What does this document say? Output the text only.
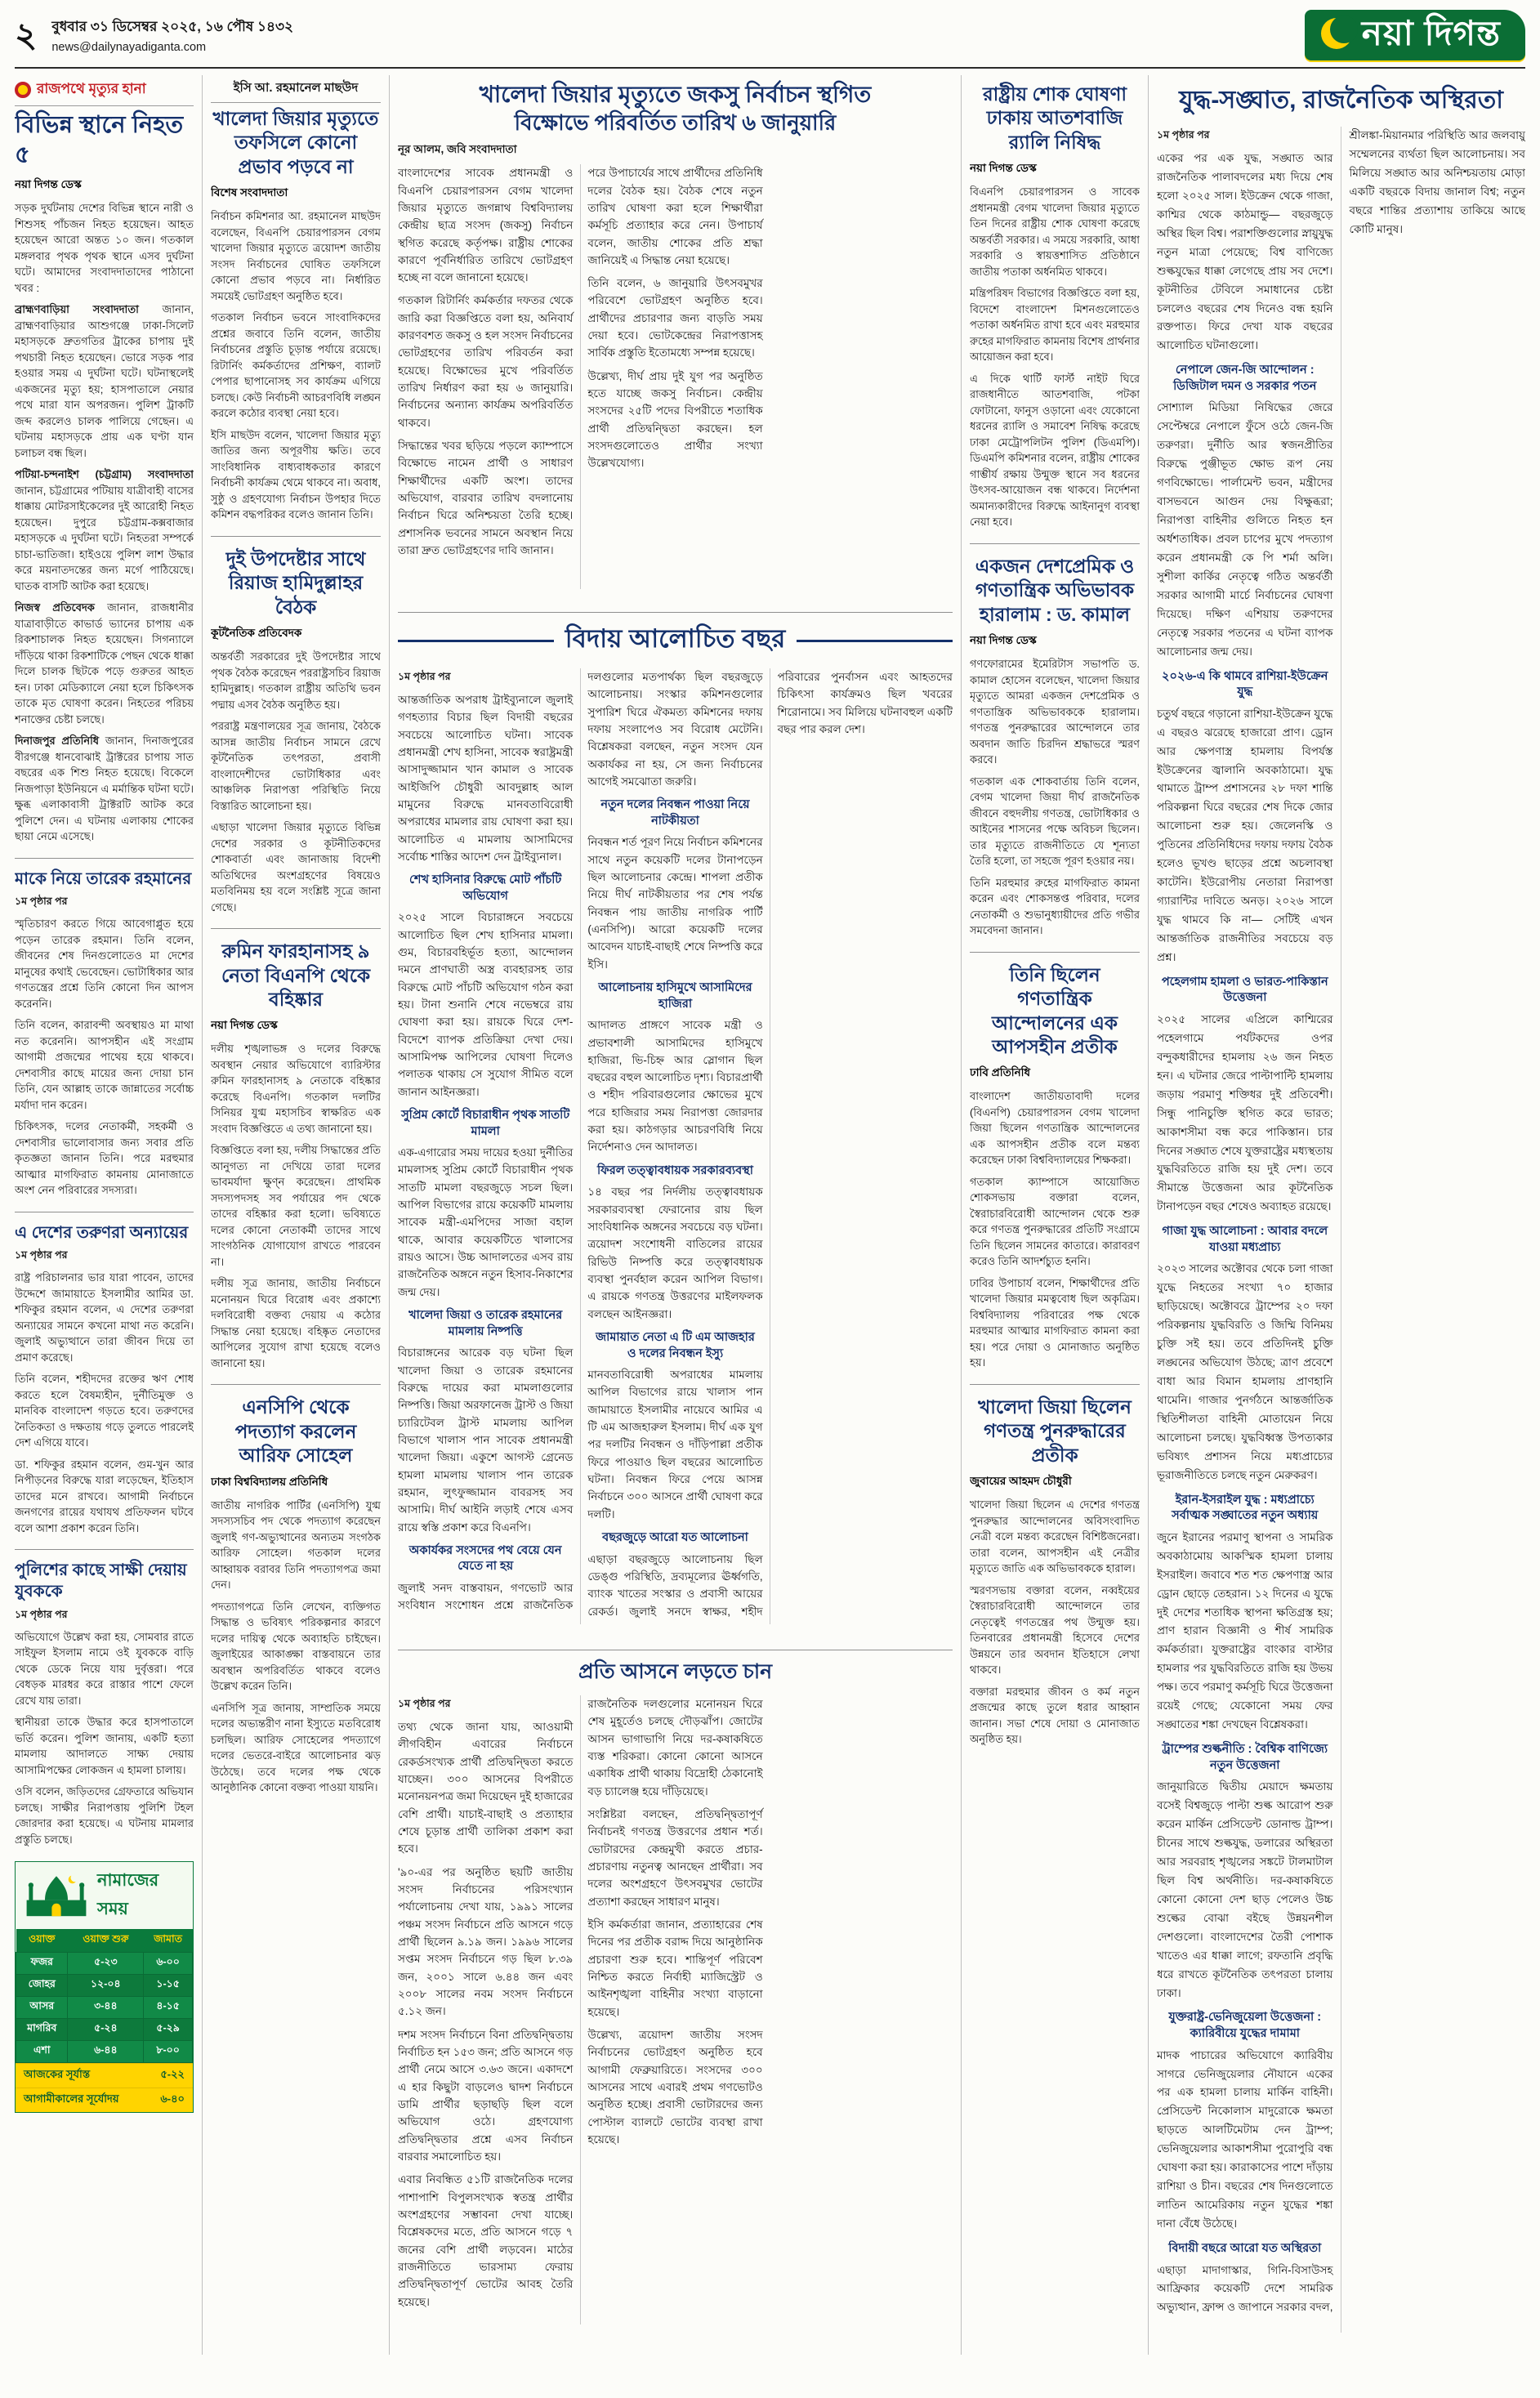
২ বুধবার ৩১ ডিসেম্বর ২০২৫, ১৬ পৌষ ১৪৩২
news@dailynayadiganta.com	নয়া দিগন্ত
রাজপথে মৃত্যুর হানা
বিভিন্ন স্থানে নিহত ৫
নয়া দিগন্ত ডেস্ক

সড়ক দুর্ঘটনায় দেশের বিভিন্ন স্থানে নারী ও শিশুসহ পাঁচজন নিহত হয়েছেন। আহত হয়েছেন আরো অন্তত ১০ জন। গতকাল মঙ্গলবার পৃথক পৃথক স্থানে এসব দুর্ঘটনা ঘটে। আমাদের সংবাদদাতাদের পাঠানো খবর :

ব্রাহ্মণবাড়িয়া সংবাদদাতা জানান, ব্রাহ্মণবাড়িয়ার আশুগঞ্জে ঢাকা-সিলেট মহাসড়কে দ্রুতগতির ট্রাকের চাপায় দুই পথচারী নিহত হয়েছেন। ভোরে সড়ক পার হওয়ার সময় এ দুর্ঘটনা ঘটে। ঘটনাস্থলেই একজনের মৃত্যু হয়; হাসপাতালে নেয়ার পথে মারা যান অপরজন। পুলিশ ট্রাকটি জব্দ করলেও চালক পালিয়ে গেছেন। এ ঘটনায় মহাসড়কে প্রায় এক ঘণ্টা যান চলাচল বন্ধ ছিল।

পটিয়া-চন্দনাইশ (চট্টগ্রাম) সংবাদদাতা জানান, চট্টগ্রামের পটিয়ায় যাত্রীবাহী বাসের ধাক্কায় মোটরসাইকেলের দুই আরোহী নিহত হয়েছেন। দুপুরে চট্টগ্রাম-কক্সবাজার মহাসড়কে এ দুর্ঘটনা ঘটে। নিহতরা সম্পর্কে চাচা-ভাতিজা। হাইওয়ে পুলিশ লাশ উদ্ধার করে ময়নাতদন্তের জন্য মর্গে পাঠিয়েছে। ঘাতক বাসটি আটক করা হয়েছে।

নিজস্ব প্রতিবেদক জানান, রাজধানীর যাত্রাবাড়ীতে কাভার্ড ভ্যানের চাপায় এক রিকশাচালক নিহত হয়েছেন। সিগন্যালে দাঁড়িয়ে থাকা রিকশাটিকে পেছন থেকে ধাক্কা দিলে চালক ছিটকে পড়ে গুরুতর আহত হন। ঢাকা মেডিক্যালে নেয়া হলে চিকিৎসক তাকে মৃত ঘোষণা করেন। নিহতের পরিচয় শনাক্তের চেষ্টা চলছে।

দিনাজপুর প্রতিনিধি জানান, দিনাজপুরের বীরগঞ্জে ধানবোঝাই ট্রাক্টরের চাপায় সাত বছরের এক শিশু নিহত হয়েছে। বিকেলে নিজপাড়া ইউনিয়নে এ মর্মান্তিক ঘটনা ঘটে। ক্ষুব্ধ এলাকাবাসী ট্রাক্টরটি আটক করে পুলিশে দেন। এ ঘটনায় এলাকায় শোকের ছায়া নেমে এসেছে।

মাকে নিয়ে তারেক রহমানের
১ম পৃষ্ঠার পর

স্মৃতিচারণ করতে গিয়ে আবেগাপ্লুত হয়ে পড়েন তারেক রহমান। তিনি বলেন, জীবনের শেষ দিনগুলোতেও মা দেশের মানুষের কথাই ভেবেছেন। ভোটাধিকার আর গণতন্ত্রের প্রশ্নে তিনি কোনো দিন আপস করেননি।

তিনি বলেন, কারাবন্দী অবস্থায়ও মা মাথা নত করেননি। আপসহীন এই সংগ্রাম আগামী প্রজন্মের পাথেয় হয়ে থাকবে। দেশবাসীর কাছে মায়ের জন্য দোয়া চান তিনি, যেন আল্লাহ তাকে জান্নাতের সর্বোচ্চ মর্যাদা দান করেন।

চিকিৎসক, দলের নেতাকর্মী, সহকর্মী ও দেশবাসীর ভালোবাসার জন্য সবার প্রতি কৃতজ্ঞতা জানান তিনি। পরে মরহুমার আত্মার মাগফিরাত কামনায় মোনাজাতে অংশ নেন পরিবারের সদস্যরা।

এ দেশের তরুণরা অন্যায়ের
১ম পৃষ্ঠার পর

রাষ্ট্র পরিচালনার ভার যারা পাবেন, তাদের উদ্দেশে জামায়াতে ইসলামীর আমির ডা. শফিকুর রহমান বলেন, এ দেশের তরুণরা অন্যায়ের সামনে কখনো মাথা নত করেনি। জুলাই অভ্যুত্থানে তারা জীবন দিয়ে তা প্রমাণ করেছে।

তিনি বলেন, শহীদদের রক্তের ঋণ শোধ করতে হলে বৈষম্যহীন, দুর্নীতিমুক্ত ও মানবিক বাংলাদেশ গড়তে হবে। তরুণদের নৈতিকতা ও দক্ষতায় গড়ে তুলতে পারলেই দেশ এগিয়ে যাবে।

ডা. শফিকুর রহমান বলেন, গুম-খুন আর নিপীড়নের বিরুদ্ধে যারা লড়েছেন, ইতিহাস তাদের মনে রাখবে। আগামী নির্বাচনে জনগণের রায়ের যথাযথ প্রতিফলন ঘটবে বলে আশা প্রকাশ করেন তিনি।

পুলিশের কাছে সাক্ষী দেয়ায় যুবককে
১ম পৃষ্ঠার পর

অভিযোগে উল্লেখ করা হয়, সোমবার রাতে সাইফুল ইসলাম নামে ওই যুবককে বাড়ি থেকে ডেকে নিয়ে যায় দুর্বৃত্তরা। পরে বেধড়ক মারধর করে রাস্তার পাশে ফেলে রেখে যায় তারা।

স্থানীয়রা তাকে উদ্ধার করে হাসপাতালে ভর্তি করেন। পুলিশ জানায়, একটি হত্যা মামলায় আদালতে সাক্ষ্য দেয়ায় আসামিপক্ষের লোকজন এ হামলা চালায়।

ওসি বলেন, জড়িতদের গ্রেফতারে অভিযান চলছে। সাক্ষীর নিরাপত্তায় পুলিশি টহল জোরদার করা হয়েছে। এ ঘটনায় মামলার প্রস্তুতি চলছে।

নামাজের সময়
ওয়াক্ত	ওয়াক্ত শুরু	জামাত
ফজর	৫-২৩	৬-০০
জোহর	১২-০৪	১-১৫
আসর	৩-৪৪	৪-১৫
মাগরিব	৫-২৪	৫-২৯
এশা	৬-৪৪	৮-০০
আজকের সূর্যাস্ত	৫-২২
আগামীকালের সূর্যোদয়	৬-৪০
ইসি আ. রহমানেল মাছউদ
খালেদা জিয়ার মৃত্যুতে তফসিলে কোনো প্রভাব পড়বে না
বিশেষ সংবাদদাতা

নির্বাচন কমিশনার আ. রহমানেল মাছউদ বলেছেন, বিএনপি চেয়ারপারসন বেগম খালেদা জিয়ার মৃত্যুতে ত্রয়োদশ জাতীয় সংসদ নির্বাচনের ঘোষিত তফসিলে কোনো প্রভাব পড়বে না। নির্ধারিত সময়েই ভোটগ্রহণ অনুষ্ঠিত হবে।

গতকাল নির্বাচন ভবনে সাংবাদিকদের প্রশ্নের জবাবে তিনি বলেন, জাতীয় নির্বাচনের প্রস্তুতি চূড়ান্ত পর্যায়ে রয়েছে। রিটার্নিং কর্মকর্তাদের প্রশিক্ষণ, ব্যালট পেপার ছাপানোসহ সব কার্যক্রম এগিয়ে চলছে। কেউ নির্বাচনী আচরণবিধি লঙ্ঘন করলে কঠোর ব্যবস্থা নেয়া হবে।

ইসি মাছউদ বলেন, খালেদা জিয়ার মৃত্যু জাতির জন্য অপূরণীয় ক্ষতি। তবে সাংবিধানিক বাধ্যবাধকতার কারণে নির্বাচনী কার্যক্রম থেমে থাকবে না। অবাধ, সুষ্ঠু ও গ্রহণযোগ্য নির্বাচন উপহার দিতে কমিশন বদ্ধপরিকর বলেও জানান তিনি।

দুই উপদেষ্টার সাথে রিয়াজ হামিদুল্লাহর বৈঠক
কূটনৈতিক প্রতিবেদক

অন্তর্বর্তী সরকারের দুই উপদেষ্টার সাথে পৃথক বৈঠক করেছেন পররাষ্ট্রসচিব রিয়াজ হামিদুল্লাহ। গতকাল রাষ্ট্রীয় অতিথি ভবন পদ্মায় এসব বৈঠক অনুষ্ঠিত হয়।

পররাষ্ট্র মন্ত্রণালয়ের সূত্র জানায়, বৈঠকে আসন্ন জাতীয় নির্বাচন সামনে রেখে কূটনৈতিক তৎপরতা, প্রবাসী বাংলাদেশীদের ভোটাধিকার এবং আঞ্চলিক নিরাপত্তা পরিস্থিতি নিয়ে বিস্তারিত আলোচনা হয়।

এছাড়া খালেদা জিয়ার মৃত্যুতে বিভিন্ন দেশের সরকার ও কূটনীতিকদের শোকবার্তা এবং জানাজায় বিদেশী অতিথিদের অংশগ্রহণের বিষয়েও মতবিনিময় হয় বলে সংশ্লিষ্ট সূত্রে জানা গেছে।

রুমিন ফারহানাসহ ৯ নেতা বিএনপি থেকে বহিষ্কার
নয়া দিগন্ত ডেস্ক

দলীয় শৃঙ্খলাভঙ্গ ও দলের বিরুদ্ধে অবস্থান নেয়ার অভিযোগে ব্যারিস্টার রুমিন ফারহানাসহ ৯ নেতাকে বহিষ্কার করেছে বিএনপি। গতকাল দলটির সিনিয়র যুগ্ম মহাসচিব স্বাক্ষরিত এক সংবাদ বিজ্ঞপ্তিতে এ তথ্য জানানো হয়।

বিজ্ঞপ্তিতে বলা হয়, দলীয় সিদ্ধান্তের প্রতি আনুগত্য না দেখিয়ে তারা দলের ভাবমর্যাদা ক্ষুণ্ন করেছেন। প্রাথমিক সদস্যপদসহ সব পর্যায়ের পদ থেকে তাদের বহিষ্কার করা হলো। ভবিষ্যতে দলের কোনো নেতাকর্মী তাদের সাথে সাংগঠনিক যোগাযোগ রাখতে পারবেন না।

দলীয় সূত্র জানায়, জাতীয় নির্বাচনে মনোনয়ন ঘিরে বিরোধ এবং প্রকাশ্যে দলবিরোধী বক্তব্য দেয়ায় এ কঠোর সিদ্ধান্ত নেয়া হয়েছে। বহিষ্কৃত নেতাদের আপিলের সুযোগ রাখা হয়েছে বলেও জানানো হয়।

এনসিপি থেকে পদত্যাগ করলেন আরিফ সোহেল
ঢাকা বিশ্ববিদ্যালয় প্রতিনিধি

জাতীয় নাগরিক পার্টির (এনসিপি) যুগ্ম সদস্যসচিব পদ থেকে পদত্যাগ করেছেন জুলাই গণ-অভ্যুত্থানের অন্যতম সংগঠক আরিফ সোহেল। গতকাল দলের আহ্বায়ক বরাবর তিনি পদত্যাগপত্র জমা দেন।

পদত্যাগপত্রে তিনি লেখেন, ব্যক্তিগত সিদ্ধান্ত ও ভবিষ্যৎ পরিকল্পনার কারণে দলের দায়িত্ব থেকে অব্যাহতি চাইছেন। জুলাইয়ের আকাঙ্ক্ষা বাস্তবায়নে তার অবস্থান অপরিবর্তিত থাকবে বলেও উল্লেখ করেন তিনি।

এনসিপি সূত্র জানায়, সাম্প্রতিক সময়ে দলের অভ্যন্তরীণ নানা ইস্যুতে মতবিরোধ চলছিল। আরিফ সোহেলের পদত্যাগে দলের ভেতরে-বাইরে আলোচনার ঝড় উঠেছে। তবে দলের পক্ষ থেকে আনুষ্ঠানিক কোনো বক্তব্য পাওয়া যায়নি।

খালেদা জিয়ার মৃত্যুতে জকসু নির্বাচন স্থগিত
বিক্ষোভে পরিবর্তিত তারিখ ৬ জানুয়ারি
নূর আলম, জবি সংবাদদাতা

বাংলাদেশের সাবেক প্রধানমন্ত্রী ও বিএনপি চেয়ারপারসন বেগম খালেদা জিয়ার মৃত্যুতে জগন্নাথ বিশ্ববিদ্যালয় কেন্দ্রীয় ছাত্র সংসদ (জকসু) নির্বাচন স্থগিত করেছে কর্তৃপক্ষ। রাষ্ট্রীয় শোকের কারণে পূর্বনির্ধারিত তারিখে ভোটগ্রহণ হচ্ছে না বলে জানানো হয়েছে।

গতকাল রিটার্নিং কর্মকর্তার দফতর থেকে জারি করা বিজ্ঞপ্তিতে বলা হয়, অনিবার্য কারণবশত জকসু ও হল সংসদ নির্বাচনের ভোটগ্রহণের তারিখ পরিবর্তন করা হয়েছে। বিক্ষোভের মুখে পরিবর্তিত তারিখ নির্ধারণ করা হয় ৬ জানুয়ারি। নির্বাচনের অন্যান্য কার্যক্রম অপরিবর্তিত থাকবে।

সিদ্ধান্তের খবর ছড়িয়ে পড়লে ক্যাম্পাসে বিক্ষোভে নামেন প্রার্থী ও সাধারণ শিক্ষার্থীদের একটি অংশ। তাদের অভিযোগ, বারবার তারিখ বদলানোয় নির্বাচন ঘিরে অনিশ্চয়তা তৈরি হচ্ছে। প্রশাসনিক ভবনের সামনে অবস্থান নিয়ে তারা দ্রুত ভোটগ্রহণের দাবি জানান।

পরে উপাচার্যের সাথে প্রার্থীদের প্রতিনিধি দলের বৈঠক হয়। বৈঠক শেষে নতুন তারিখ ঘোষণা করা হলে শিক্ষার্থীরা কর্মসূচি প্রত্যাহার করে নেন। উপাচার্য বলেন, জাতীয় শোকের প্রতি শ্রদ্ধা জানিয়েই এ সিদ্ধান্ত নেয়া হয়েছে।

তিনি বলেন, ৬ জানুয়ারি উৎসবমুখর পরিবেশে ভোটগ্রহণ অনুষ্ঠিত হবে। প্রার্থীদের প্রচারণার জন্য বাড়তি সময় দেয়া হবে। ভোটকেন্দ্রের নিরাপত্তাসহ সার্বিক প্রস্তুতি ইতোমধ্যে সম্পন্ন হয়েছে।

উল্লেখ্য, দীর্ঘ প্রায় দুই যুগ পর অনুষ্ঠিত হতে যাচ্ছে জকসু নির্বাচন। কেন্দ্রীয় সংসদের ২৫টি পদের বিপরীতে শতাধিক প্রার্থী প্রতিদ্বন্দ্বিতা করছেন। হল সংসদগুলোতেও প্রার্থীর সংখ্যা উল্লেখযোগ্য।

বিদায় আলোচিত বছর
১ম পৃষ্ঠার পর

আন্তর্জাতিক অপরাধ ট্রাইব্যুনালে জুলাই গণহত্যার বিচার ছিল বিদায়ী বছরের সবচেয়ে আলোচিত ঘটনা। সাবেক প্রধানমন্ত্রী শেখ হাসিনা, সাবেক স্বরাষ্ট্রমন্ত্রী আসাদুজ্জামান খান কামাল ও সাবেক আইজিপি চৌধুরী আবদুল্লাহ আল মামুনের বিরুদ্ধে মানবতাবিরোধী অপরাধের মামলার রায় ঘোষণা করা হয়। আলোচিত এ মামলায় আসামিদের সর্বোচ্চ শাস্তির আদেশ দেন ট্রাইব্যুনাল।

শেখ হাসিনার বিরুদ্ধে মোট পাঁচটি অভিযোগ

২০২৫ সালে বিচারাঙ্গনে সবচেয়ে আলোচিত ছিল শেখ হাসিনার মামলা। গুম, বিচারবহির্ভূত হত্যা, আন্দোলন দমনে প্রাণঘাতী অস্ত্র ব্যবহারসহ তার বিরুদ্ধে মোট পাঁচটি অভিযোগ গঠন করা হয়। টানা শুনানি শেষে নভেম্বরে রায় ঘোষণা করা হয়। রায়কে ঘিরে দেশ-বিদেশে ব্যাপক প্রতিক্রিয়া দেখা দেয়। আসামিপক্ষ আপিলের ঘোষণা দিলেও পলাতক থাকায় সে সুযোগ সীমিত বলে জানান আইনজ্ঞরা।

সুপ্রিম কোর্টে বিচারাধীন পৃথক সাতটি মামলা

এক-এগারোর সময় দায়ের হওয়া দুর্নীতির মামলাসহ সুপ্রিম কোর্টে বিচারাধীন পৃথক সাতটি মামলা বছরজুড়ে সচল ছিল। আপিল বিভাগের রায়ে কয়েকটি মামলায় সাবেক মন্ত্রী-এমপিদের সাজা বহাল থাকে, আবার কয়েকটিতে খালাসের রায়ও আসে। উচ্চ আদালতের এসব রায় রাজনৈতিক অঙ্গনে নতুন হিসাব-নিকাশের জন্ম দেয়।

খালেদা জিয়া ও তারেক রহমানের মামলায় নিষ্পত্তি

বিচারাঙ্গনের আরেক বড় ঘটনা ছিল খালেদা জিয়া ও তারেক রহমানের বিরুদ্ধে দায়ের করা মামলাগুলোর নিষ্পত্তি। জিয়া অরফানেজ ট্রাস্ট ও জিয়া চ্যারিটেবল ট্রাস্ট মামলায় আপিল বিভাগে খালাস পান সাবেক প্রধানমন্ত্রী খালেদা জিয়া। একুশে আগস্ট গ্রেনেড হামলা মামলায় খালাস পান তারেক রহমান, লুৎফুজ্জামান বাবরসহ সব আসামি। দীর্ঘ আইনি লড়াই শেষে এসব রায়ে স্বস্তি প্রকাশ করে বিএনপি।

অকার্যকর সংসদের পথ বেয়ে যেন যেতে না হয়

জুলাই সনদ বাস্তবায়ন, গণভোট আর সংবিধান সংশোধন প্রশ্নে রাজনৈতিক দলগুলোর মতপার্থক্য ছিল বছরজুড়ে আলোচনায়। সংস্কার কমিশনগুলোর সুপারিশ ঘিরে ঐকমত্য কমিশনের দফায় দফায় সংলাপেও সব বিরোধ মেটেনি। বিশ্লেষকরা বলছেন, নতুন সংসদ যেন অকার্যকর না হয়, সে জন্য নির্বাচনের আগেই সমঝোতা জরুরি।

নতুন দলের নিবন্ধন পাওয়া নিয়ে নাটকীয়তা

নিবন্ধন শর্ত পূরণ নিয়ে নির্বাচন কমিশনের সাথে নতুন কয়েকটি দলের টানাপড়েন ছিল আলোচনার কেন্দ্রে। শাপলা প্রতীক নিয়ে দীর্ঘ নাটকীয়তার পর শেষ পর্যন্ত নিবন্ধন পায় জাতীয় নাগরিক পার্টি (এনসিপি)। আরো কয়েকটি দলের আবেদন যাচাই-বাছাই শেষে নিষ্পত্তি করে ইসি।

আলোচনায় হাসিমুখে আসামিদের হাজিরা

আদালত প্রাঙ্গণে সাবেক মন্ত্রী ও প্রভাবশালী আসামিদের হাসিমুখে হাজিরা, ভি-চিহ্ন আর স্লোগান ছিল বছরের বহুল আলোচিত দৃশ্য। বিচারপ্রার্থী ও শহীদ পরিবারগুলোর ক্ষোভের মুখে পরে হাজিরার সময় নিরাপত্তা জোরদার করা হয়। কাঠগড়ার আচরণবিধি নিয়ে নির্দেশনাও দেন আদালত।

ফিরল তত্ত্বাবধায়ক সরকারব্যবস্থা

১৪ বছর পর নির্দলীয় তত্ত্বাবধায়ক সরকারব্যবস্থা ফেরানোর রায় ছিল সাংবিধানিক অঙ্গনের সবচেয়ে বড় ঘটনা। ত্রয়োদশ সংশোধনী বাতিলের রায়ের রিভিউ নিষ্পত্তি করে তত্ত্বাবধায়ক ব্যবস্থা পুনর্বহাল করেন আপিল বিভাগ। এ রায়কে গণতন্ত্র উত্তরণের মাইলফলক বলছেন আইনজ্ঞরা।

জামায়াত নেতা এ টি এম আজহার ও দলের নিবন্ধন ইস্যু

মানবতাবিরোধী অপরাধের মামলায় আপিল বিভাগের রায়ে খালাস পান জামায়াতে ইসলামীর নায়েবে আমির এ টি এম আজহারুল ইসলাম। দীর্ঘ এক যুগ পর দলটির নিবন্ধন ও দাঁড়িপাল্লা প্রতীক ফিরে পাওয়াও ছিল বছরের আলোচিত ঘটনা। নিবন্ধন ফিরে পেয়ে আসন্ন নির্বাচনে ৩০০ আসনে প্রার্থী ঘোষণা করে দলটি।

বছরজুড়ে আরো যত আলোচনা

এছাড়া বছরজুড়ে আলোচনায় ছিল ডেঙ্গু পরিস্থিতি, দ্রব্যমূল্যের ঊর্ধ্বগতি, ব্যাংক খাতের সংস্কার ও প্রবাসী আয়ের রেকর্ড। জুলাই সনদে স্বাক্ষর, শহীদ পরিবারের পুনর্বাসন এবং আহতদের চিকিৎসা কার্যক্রমও ছিল খবরের শিরোনামে। সব মিলিয়ে ঘটনাবহুল একটি বছর পার করল দেশ।

প্রতি আসনে লড়তে চান
১ম পৃষ্ঠার পর

তথ্য থেকে জানা যায়, আওয়ামী লীগবিহীন এবারের নির্বাচনে রেকর্ডসংখ্যক প্রার্থী প্রতিদ্বন্দ্বিতা করতে যাচ্ছেন। ৩০০ আসনের বিপরীতে মনোনয়নপত্র জমা দিয়েছেন দুই হাজারের বেশি প্রার্থী। যাচাই-বাছাই ও প্রত্যাহার শেষে চূড়ান্ত প্রার্থী তালিকা প্রকাশ করা হবে।

'৯০-এর পর অনুষ্ঠিত ছয়টি জাতীয় সংসদ নির্বাচনের পরিসংখ্যান পর্যালোচনায় দেখা যায়, ১৯৯১ সালের পঞ্চম সংসদ নির্বাচনে প্রতি আসনে গড়ে প্রার্থী ছিলেন ৯.১৯ জন। ১৯৯৬ সালের সপ্তম সংসদ নির্বাচনে গড় ছিল ৮.৩৯ জন, ২০০১ সালে ৬.৪৪ জন এবং ২০০৮ সালের নবম সংসদ নির্বাচনে ৫.১২ জন।

দশম সংসদ নির্বাচনে বিনা প্রতিদ্বন্দ্বিতায় নির্বাচিত হন ১৫৩ জন; প্রতি আসনে গড় প্রার্থী নেমে আসে ৩.৬৩ জনে। একাদশে এ হার কিছুটা বাড়লেও দ্বাদশ নির্বাচনে ডামি প্রার্থীর ছড়াছড়ি ছিল বলে অভিযোগ ওঠে। গ্রহণযোগ্য প্রতিদ্বন্দ্বিতার প্রশ্নে এসব নির্বাচন বারবার সমালোচিত হয়।

এবার নিবন্ধিত ৫১টি রাজনৈতিক দলের পাশাপাশি বিপুলসংখ্যক স্বতন্ত্র প্রার্থীর অংশগ্রহণের সম্ভাবনা দেখা যাচ্ছে। বিশ্লেষকদের মতে, প্রতি আসনে গড়ে ৭ জনের বেশি প্রার্থী লড়বেন। মাঠের রাজনীতিতে ভারসাম্য ফেরায় প্রতিদ্বন্দ্বিতাপূর্ণ ভোটের আবহ তৈরি হয়েছে।

রাজনৈতিক দলগুলোর মনোনয়ন ঘিরে শেষ মুহূর্তেও চলছে দৌড়ঝাঁপ। জোটের আসন ভাগাভাগি নিয়ে দর-কষাকষিতে ব্যস্ত শরিকরা। কোনো কোনো আসনে একাধিক প্রার্থী থাকায় বিদ্রোহী ঠেকানোই বড় চ্যালেঞ্জ হয়ে দাঁড়িয়েছে।

সংশ্লিষ্টরা বলছেন, প্রতিদ্বন্দ্বিতাপূর্ণ নির্বাচনই গণতন্ত্র উত্তরণের প্রধান শর্ত। ভোটারদের কেন্দ্রমুখী করতে প্রচার-প্রচারণায় নতুনত্ব আনছেন প্রার্থীরা। সব দলের অংশগ্রহণে উৎসবমুখর ভোটের প্রত্যাশা করছেন সাধারণ মানুষ।

ইসি কর্মকর্তারা জানান, প্রত্যাহারের শেষ দিনের পর প্রতীক বরাদ্দ দিয়ে আনুষ্ঠানিক প্রচারণা শুরু হবে। শান্তিপূর্ণ পরিবেশ নিশ্চিত করতে নির্বাহী ম্যাজিস্ট্রেট ও আইনশৃঙ্খলা বাহিনীর সংখ্যা বাড়ানো হয়েছে।

উল্লেখ্য, ত্রয়োদশ জাতীয় সংসদ নির্বাচনের ভোটগ্রহণ অনুষ্ঠিত হবে আগামী ফেব্রুয়ারিতে। সংসদের ৩০০ আসনের সাথে এবারই প্রথম গণভোটও অনুষ্ঠিত হচ্ছে। প্রবাসী ভোটারদের জন্য পোস্টাল ব্যালটে ভোটের ব্যবস্থা রাখা হয়েছে।

রাষ্ট্রীয় শোক ঘোষণা ঢাকায় আতশবাজি র‌্যালি নিষিদ্ধ
নয়া দিগন্ত ডেস্ক

বিএনপি চেয়ারপারসন ও সাবেক প্রধানমন্ত্রী বেগম খালেদা জিয়ার মৃত্যুতে তিন দিনের রাষ্ট্রীয় শোক ঘোষণা করেছে অন্তর্বর্তী সরকার। এ সময়ে সরকারি, আধা সরকারি ও স্বায়ত্তশাসিত প্রতিষ্ঠানে জাতীয় পতাকা অর্ধনমিত থাকবে।

মন্ত্রিপরিষদ বিভাগের বিজ্ঞপ্তিতে বলা হয়, বিদেশে বাংলাদেশ মিশনগুলোতেও পতাকা অর্ধনমিত রাখা হবে এবং মরহুমার রুহের মাগফিরাত কামনায় বিশেষ প্রার্থনার আয়োজন করা হবে।

এ দিকে থার্টি ফার্স্ট নাইট ঘিরে রাজধানীতে আতশবাজি, পটকা ফোটানো, ফানুস ওড়ানো এবং যেকোনো ধরনের র‌্যালি ও সমাবেশ নিষিদ্ধ করেছে ঢাকা মেট্রোপলিটন পুলিশ (ডিএমপি)। ডিএমপি কমিশনার বলেন, রাষ্ট্রীয় শোকের গাম্ভীর্য রক্ষায় উন্মুক্ত স্থানে সব ধরনের উৎসব-আয়োজন বন্ধ থাকবে। নির্দেশনা অমান্যকারীদের বিরুদ্ধে আইনানুগ ব্যবস্থা নেয়া হবে।

একজন দেশপ্রেমিক ও গণতান্ত্রিক অভিভাবক হারালাম : ড. কামাল
নয়া দিগন্ত ডেস্ক

গণফোরামের ইমেরিটাস সভাপতি ড. কামাল হোসেন বলেছেন, খালেদা জিয়ার মৃত্যুতে আমরা একজন দেশপ্রেমিক ও গণতান্ত্রিক অভিভাবককে হারালাম। গণতন্ত্র পুনরুদ্ধারের আন্দোলনে তার অবদান জাতি চিরদিন শ্রদ্ধাভরে স্মরণ করবে।

গতকাল এক শোকবার্তায় তিনি বলেন, বেগম খালেদা জিয়া দীর্ঘ রাজনৈতিক জীবনে বহুদলীয় গণতন্ত্র, ভোটাধিকার ও আইনের শাসনের পক্ষে অবিচল ছিলেন। তার মৃত্যুতে রাজনীতিতে যে শূন্যতা তৈরি হলো, তা সহজে পূরণ হওয়ার নয়।

তিনি মরহুমার রুহের মাগফিরাত কামনা করেন এবং শোকসন্তপ্ত পরিবার, দলের নেতাকর্মী ও শুভানুধ্যায়ীদের প্রতি গভীর সমবেদনা জানান।

তিনি ছিলেন গণতান্ত্রিক আন্দোলনের এক আপসহীন প্রতীক
ঢাবি প্রতিনিধি

বাংলাদেশ জাতীয়তাবাদী দলের (বিএনপি) চেয়ারপারসন বেগম খালেদা জিয়া ছিলেন গণতান্ত্রিক আন্দোলনের এক আপসহীন প্রতীক বলে মন্তব্য করেছেন ঢাকা বিশ্ববিদ্যালয়ের শিক্ষকরা।

গতকাল ক্যাম্পাসে আয়োজিত শোকসভায় বক্তারা বলেন, স্বৈরাচারবিরোধী আন্দোলন থেকে শুরু করে গণতন্ত্র পুনরুদ্ধারের প্রতিটি সংগ্রামে তিনি ছিলেন সামনের কাতারে। কারাবরণ করেও তিনি আদর্শচ্যুত হননি।

ঢাবির উপাচার্য বলেন, শিক্ষার্থীদের প্রতি খালেদা জিয়ার মমত্ববোধ ছিল অকৃত্রিম। বিশ্ববিদ্যালয় পরিবারের পক্ষ থেকে মরহুমার আত্মার মাগফিরাত কামনা করা হয়। পরে দোয়া ও মোনাজাত অনুষ্ঠিত হয়।

খালেদা জিয়া ছিলেন গণতন্ত্র পুনরুদ্ধারের প্রতীক
জুবায়ের আহমদ চৌধুরী

খালেদা জিয়া ছিলেন এ দেশের গণতন্ত্র পুনরুদ্ধার আন্দোলনের অবিসংবাদিত নেত্রী বলে মন্তব্য করেছেন বিশিষ্টজনেরা। তারা বলেন, আপসহীন এই নেত্রীর মৃত্যুতে জাতি এক অভিভাবককে হারাল।

স্মরণসভায় বক্তারা বলেন, নব্বইয়ের স্বৈরাচারবিরোধী আন্দোলনে তার নেতৃত্বেই গণতন্ত্রের পথ উন্মুক্ত হয়। তিনবারের প্রধানমন্ত্রী হিসেবে দেশের উন্নয়নে তার অবদান ইতিহাসে লেখা থাকবে।

বক্তারা মরহুমার জীবন ও কর্ম নতুন প্রজন্মের কাছে তুলে ধরার আহ্বান জানান। সভা শেষে দোয়া ও মোনাজাত অনুষ্ঠিত হয়।

যুদ্ধ-সঙ্ঘাত, রাজনৈতিক অস্থিরতা
১ম পৃষ্ঠার পর

একের পর এক যুদ্ধ, সঙ্ঘাত আর রাজনৈতিক পালাবদলের মধ্য দিয়ে শেষ হলো ২০২৫ সাল। ইউক্রেন থেকে গাজা, কাশ্মির থেকে কাঠমান্ডু— বছরজুড়ে অস্থির ছিল বিশ্ব। পরাশক্তিগুলোর স্নায়ুযুদ্ধ নতুন মাত্রা পেয়েছে; বিশ্ব বাণিজ্যে শুল্কযুদ্ধের ধাক্কা লেগেছে প্রায় সব দেশে। কূটনীতির টেবিলে সমাধানের চেষ্টা চললেও বছরের শেষ দিনেও বন্ধ হয়নি রক্তপাত। ফিরে দেখা যাক বছরের আলোচিত ঘটনাগুলো।

নেপালে জেন-জি আন্দোলন : ডিজিটাল দমন ও সরকার পতন

সোশ্যাল মিডিয়া নিষিদ্ধের জেরে সেপ্টেম্বরে নেপালে ফুঁসে ওঠে জেন-জি তরুণরা। দুর্নীতি আর স্বজনপ্রীতির বিরুদ্ধে পুঞ্জীভূত ক্ষোভ রূপ নেয় গণবিক্ষোভে। পার্লামেন্ট ভবন, মন্ত্রীদের বাসভবনে আগুন দেয় বিক্ষুব্ধরা; নিরাপত্তা বাহিনীর গুলিতে নিহত হন অর্ধশতাধিক। প্রবল চাপের মুখে পদত্যাগ করেন প্রধানমন্ত্রী কে পি শর্মা অলি। সুশীলা কার্কির নেতৃত্বে গঠিত অন্তর্বর্তী সরকার আগামী মার্চে নির্বাচনের ঘোষণা দিয়েছে। দক্ষিণ এশিয়ায় তরুণদের নেতৃত্বে সরকার পতনের এ ঘটনা ব্যাপক আলোচনার জন্ম দেয়।

২০২৬-এ কি থামবে রাশিয়া-ইউক্রেন যুদ্ধ

চতুর্থ বছরে গড়ানো রাশিয়া-ইউক্রেন যুদ্ধে এ বছরও ঝরেছে হাজারো প্রাণ। ড্রোন আর ক্ষেপণাস্ত্র হামলায় বিপর্যস্ত ইউক্রেনের জ্বালানি অবকাঠামো। যুদ্ধ থামাতে ট্রাম্প প্রশাসনের ২৮ দফা শান্তি পরিকল্পনা ঘিরে বছরের শেষ দিকে জোর আলোচনা শুরু হয়। জেলেনস্কি ও পুতিনের প্রতিনিধিদের দফায় দফায় বৈঠক হলেও ভূখণ্ড ছাড়ের প্রশ্নে অচলাবস্থা কাটেনি। ইউরোপীয় নেতারা নিরাপত্তা গ্যারান্টির দাবিতে অনড়। ২০২৬ সালে যুদ্ধ থামবে কি না— সেটিই এখন আন্তর্জাতিক রাজনীতির সবচেয়ে বড় প্রশ্ন।

পহেলগাম হামলা ও ভারত-পাকিস্তান উত্তেজনা

২০২৫ সালের এপ্রিলে কাশ্মিরের পহেলগামে পর্যটকদের ওপর বন্দুকধারীদের হামলায় ২৬ জন নিহত হন। এ ঘটনার জেরে পাল্টাপাল্টি হামলায় জড়ায় পরমাণু শক্তিধর দুই প্রতিবেশী। সিন্ধু পানিচুক্তি স্থগিত করে ভারত; আকাশসীমা বন্ধ করে পাকিস্তান। চার দিনের সঙ্ঘাত শেষে যুক্তরাষ্ট্রের মধ্যস্থতায় যুদ্ধবিরতিতে রাজি হয় দুই দেশ। তবে সীমান্তে উত্তেজনা আর কূটনৈতিক টানাপড়েন বছর শেষেও অব্যাহত রয়েছে।

গাজা যুদ্ধ আলোচনা : আবার বদলে যাওয়া মধ্যপ্রাচ্য

২০২৩ সালের অক্টোবর থেকে চলা গাজা যুদ্ধে নিহতের সংখ্যা ৭০ হাজার ছাড়িয়েছে। অক্টোবরে ট্রাম্পের ২০ দফা পরিকল্পনায় যুদ্ধবিরতি ও জিম্মি বিনিময় চুক্তি সই হয়। তবে প্রতিদিনই চুক্তি লঙ্ঘনের অভিযোগ উঠছে; ত্রাণ প্রবেশে বাধা আর বিমান হামলায় প্রাণহানি থামেনি। গাজার পুনর্গঠনে আন্তর্জাতিক স্থিতিশীলতা বাহিনী মোতায়েন নিয়ে আলোচনা চলছে। যুদ্ধবিধ্বস্ত উপত্যকার ভবিষ্যৎ প্রশাসন নিয়ে মধ্যপ্রাচ্যের ভূরাজনীতিতে চলছে নতুন মেরুকরণ।

ইরান-ইসরাইল যুদ্ধ : মধ্যপ্রাচ্যে সর্বাত্মক সঙ্ঘাতের নতুন অধ্যায়

জুনে ইরানের পরমাণু স্থাপনা ও সামরিক অবকাঠামোয় আকস্মিক হামলা চালায় ইসরাইল। জবাবে শত শত ক্ষেপণাস্ত্র আর ড্রোন ছোড়ে তেহরান। ১২ দিনের এ যুদ্ধে দুই দেশের শতাধিক স্থাপনা ক্ষতিগ্রস্ত হয়; প্রাণ হারান বিজ্ঞানী ও শীর্ষ সামরিক কর্মকর্তারা। যুক্তরাষ্ট্রের বাংকার বাস্টার হামলার পর যুদ্ধবিরতিতে রাজি হয় উভয় পক্ষ। তবে পরমাণু কর্মসূচি ঘিরে উত্তেজনা রয়েই গেছে; যেকোনো সময় ফের সঙ্ঘাতের শঙ্কা দেখছেন বিশ্লেষকরা।

ট্রাম্পের শুল্কনীতি : বৈশ্বিক বাণিজ্যে নতুন উত্তেজনা

জানুয়ারিতে দ্বিতীয় মেয়াদে ক্ষমতায় বসেই বিশ্বজুড়ে পাল্টা শুল্ক আরোপ শুরু করেন মার্কিন প্রেসিডেন্ট ডোনাল্ড ট্রাম্প। চীনের সাথে শুল্কযুদ্ধ, ডলারের অস্থিরতা আর সরবরাহ শৃঙ্খলের সঙ্কটে টালমাটাল ছিল বিশ্ব অর্থনীতি। দর-কষাকষিতে কোনো কোনো দেশ ছাড় পেলেও উচ্চ শুল্কের বোঝা বইছে উন্নয়নশীল দেশগুলো। বাংলাদেশের তৈরী পোশাক খাতেও এর ধাক্কা লাগে; রফতানি প্রবৃদ্ধি ধরে রাখতে কূটনৈতিক তৎপরতা চালায় ঢাকা।

যুক্তরাষ্ট্র-ভেনিজুয়েলা উত্তেজনা : ক্যারিবীয়ে যুদ্ধের দামামা

মাদক পাচারের অভিযোগে ক্যারিবীয় সাগরে ভেনিজুয়েলার নৌযানে একের পর এক হামলা চালায় মার্কিন বাহিনী। প্রেসিডেন্ট নিকোলাস মাদুরোকে ক্ষমতা ছাড়তে আলটিমেটাম দেন ট্রাম্প; ভেনিজুয়েলার আকাশসীমা পুরোপুরি বন্ধ ঘোষণা করা হয়। কারাকাসের পাশে দাঁড়ায় রাশিয়া ও চীন। বছরের শেষ দিনগুলোতে লাতিন আমেরিকায় নতুন যুদ্ধের শঙ্কা দানা বেঁধে উঠেছে।

বিদায়ী বছরে আরো যত অস্থিরতা

এছাড়া মাদাগাস্কার, গিনি-বিসাউসহ আফ্রিকার কয়েকটি দেশে সামরিক অভ্যুত্থান, ফ্রান্স ও জাপানে সরকার বদল, শ্রীলঙ্কা-মিয়ানমার পরিস্থিতি আর জলবায়ু সম্মেলনের ব্যর্থতা ছিল আলোচনায়। সব মিলিয়ে সঙ্ঘাত আর অনিশ্চয়তায় মোড়া একটি বছরকে বিদায় জানাল বিশ্ব; নতুন বছরে শান্তির প্রত্যাশায় তাকিয়ে আছে কোটি মানুষ।
